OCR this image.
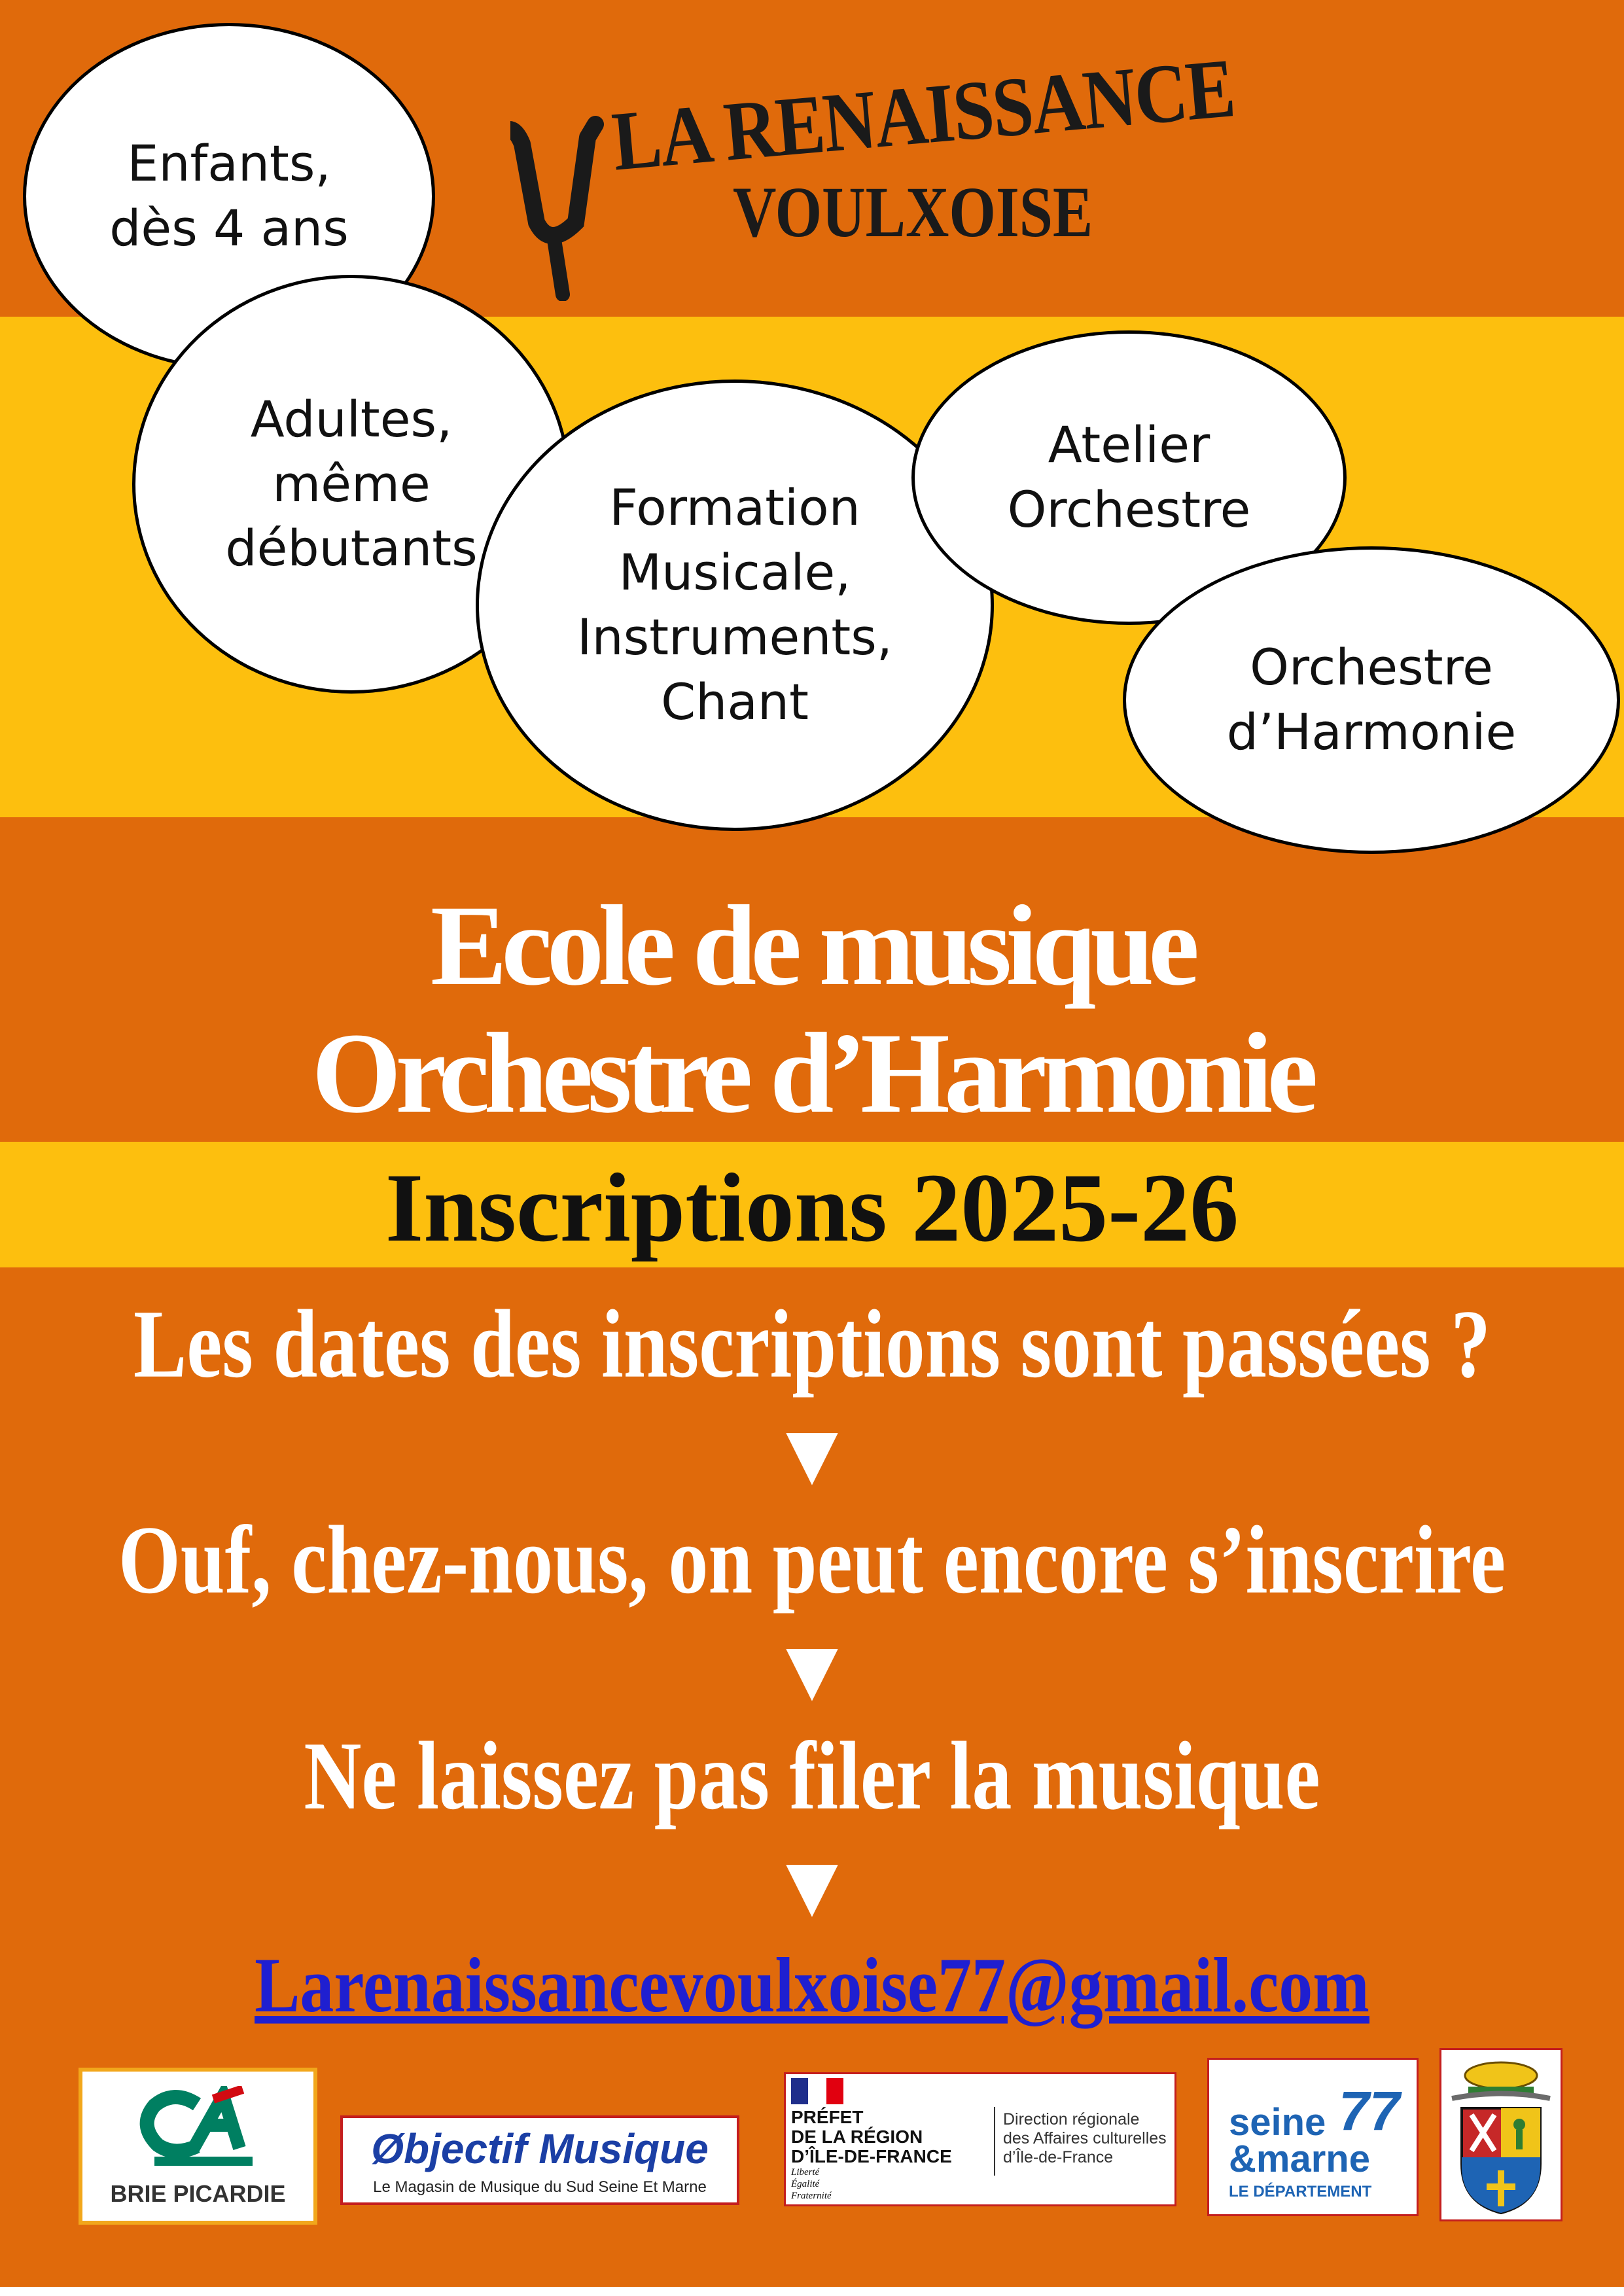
LA RENAISSANCE
VOULXOISE
Enfants,
dès 4 ans
Adultes,
même
débutants
Formation
Musicale,
Instruments,
Chant
Atelier
Orchestre
Orchestre
d’Harmonie
Ecole de musique
Orchestre d’Harmonie
Inscriptions 2025-26
Les dates des inscriptions sont passées ?
▼
Ouf, chez-nous, on peut encore s’inscrire
▼
Ne laissez pas filer la musique
▼
Larenaissancevoulxoise77@gmail.com
BRIE PICARDIE
Øbjectif Musique
Le Magasin de Musique du Sud Seine Et Marne
PRÉFET
DE LA RÉGION
D’ÎLE-DE-FRANCE
Liberté
Égalité
Fraternité
Direction régionale
des Affaires culturelles
d’Île-de-France
seine 77
&marne
LE DÉPARTEMENT
